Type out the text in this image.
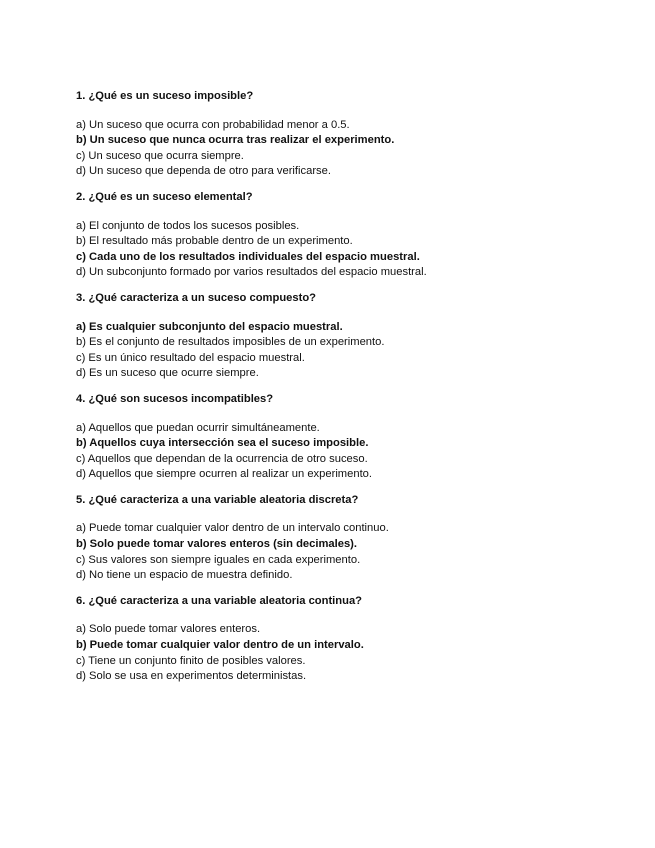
1. ¿Qué es un suceso imposible?

a) Un suceso que ocurra con probabilidad menor a 0.5.

b) Un suceso que nunca ocurra tras realizar el experimento.

c) Un suceso que ocurra siempre.

d) Un suceso que dependa de otro para verificarse.

2. ¿Qué es un suceso elemental?

a) El conjunto de todos los sucesos posibles.

b) El resultado más probable dentro de un experimento.

c) Cada uno de los resultados individuales del espacio muestral.

d) Un subconjunto formado por varios resultados del espacio muestral.

3. ¿Qué caracteriza a un suceso compuesto?

a) Es cualquier subconjunto del espacio muestral.

b) Es el conjunto de resultados imposibles de un experimento.

c) Es un único resultado del espacio muestral.

d) Es un suceso que ocurre siempre.

4. ¿Qué son sucesos incompatibles?

a) Aquellos que puedan ocurrir simultáneamente.

b) Aquellos cuya intersección sea el suceso imposible.

c) Aquellos que dependan de la ocurrencia de otro suceso.

d) Aquellos que siempre ocurren al realizar un experimento.

5. ¿Qué caracteriza a una variable aleatoria discreta?

a) Puede tomar cualquier valor dentro de un intervalo continuo.

b) Solo puede tomar valores enteros (sin decimales).

c) Sus valores son siempre iguales en cada experimento.

d) No tiene un espacio de muestra definido.

6. ¿Qué caracteriza a una variable aleatoria continua?

a) Solo puede tomar valores enteros.

b) Puede tomar cualquier valor dentro de un intervalo.

c) Tiene un conjunto finito de posibles valores.

d) Solo se usa en experimentos deterministas.
